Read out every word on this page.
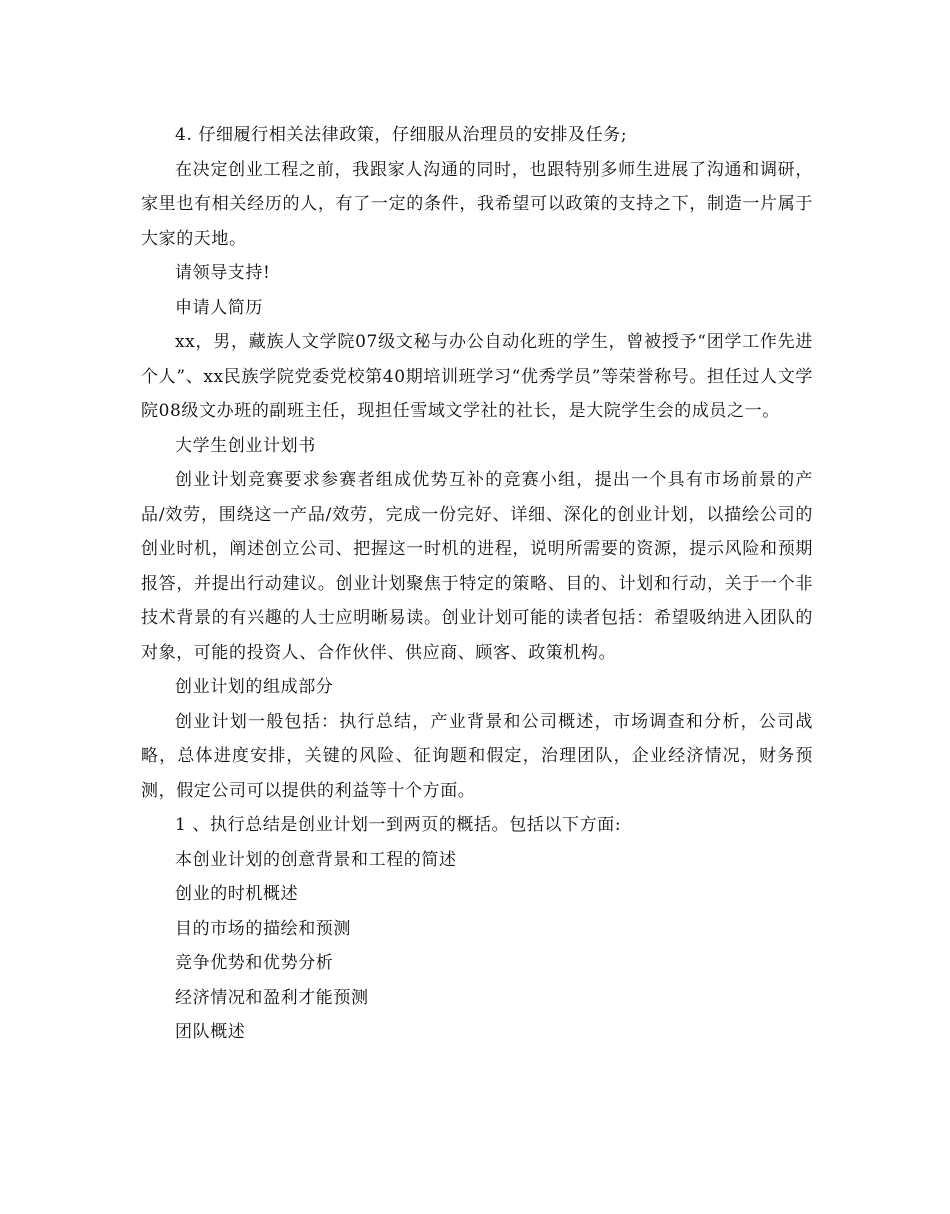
4. 仔细履行相关法律政策，仔细服从治理员的安排及任务;

在决定创业工程之前，我跟家人沟通的同时，也跟特别多师生进展了沟通和调研，家里也有相关经历的人，有了一定的条件，我希望可以政策的支持之下，制造一片属于大家的天地。

请领导支持!

申请人简历

xx，男，藏族人文学院07级文秘与办公自动化班的学生，曾被授予“团学工作先进个人”、xx民族学院党委党校第40期培训班学习“优秀学员”等荣誉称号。担任过人文学院08级文办班的副班主任，现担任雪域文学社的社长，是大院学生会的成员之一。

大学生创业计划书

创业计划竞赛要求参赛者组成优势互补的竞赛小组，提出一个具有市场前景的产品/效劳，围绕这一产品/效劳，完成一份完好、详细、深化的创业计划，以描绘公司的创业时机，阐述创立公司、把握这一时机的进程，说明所需要的资源，提示风险和预期报答，并提出行动建议。创业计划聚焦于特定的策略、目的、计划和行动，关于一个非技术背景的有兴趣的人士应明晰易读。创业计划可能的读者包括：希望吸纳进入团队的对象，可能的投资人、合作伙伴、供应商、顾客、政策机构。

创业计划的组成部分

创业计划一般包括：执行总结，产业背景和公司概述，市场调查和分析，公司战略，总体进度安排，关键的风险、征询题和假定，治理团队，企业经济情况，财务预测，假定公司可以提供的利益等十个方面。

1 、执行总结是创业计划一到两页的概括。包括以下方面:

本创业计划的创意背景和工程的简述

创业的时机概述

目的市场的描绘和预测

竞争优势和优势分析

经济情况和盈利才能预测

团队概述
